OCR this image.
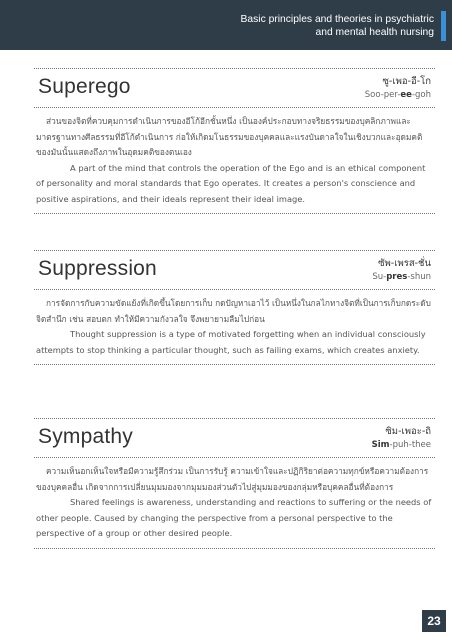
Basic principles and theories in psychiatric
and mental health nursing
Superego	ซู-เพอ-อี-โก
Soo-per-ee-goh

ส่วนของจิตที่ควบคุมการดำเนินการของอีโก้อีกชั้นหนึ่ง เป็นองค์ประกอบทางจริยธรรมของบุคลิกภาพและมาตรฐานทางศีลธรรมที่อีโก้ดำเนินการ ก่อให้เกิดมโนธรรมของบุคคลและแรงบันดาลใจในเชิงบวกและอุดมคติของมันนั้นแสดงถึงภาพในอุดมคติของตนเอง

A part of the mind that controls the operation of the Ego and is an ethical component of personality and moral standards that Ego operates. It creates a person's conscience and positive aspirations, and their ideals represent their ideal image.

Suppression	ซัพ-เพรส-ชั่น
Su-pres-shun

การจัดการกับความขัดแย้งที่เกิดขึ้นโดยการเก็บ กดปัญหาเอาไว้ เป็นหนึ่งในกลไกทางจิตที่เป็นการเก็บกดระดับจิตสำนึก เช่น สอบตก ทำให้มีความกังวลใจ จึงพยายามลืมไปก่อน

Thought suppression is a type of motivated forgetting when an individual consciously attempts to stop thinking a particular thought, such as failing exams, which creates anxiety.

Sympathy	ซิม-เพอะ-ถิ
Sim-puh-thee

ความเห็นอกเห็นใจหรือมีความรู้สึกร่วม เป็นการรับรู้ ความเข้าใจและปฏิกิริยาต่อความทุกข์หรือความต้องการของบุคคลอื่น เกิดจากการเปลี่ยนมุมมองจากมุมมองส่วนตัวไปสู่มุมมองของกลุ่มหรือบุคคลอื่นที่ต้องการ

Shared feelings is awareness, understanding and reactions to suffering or the needs of other people. Caused by changing the perspective from a personal perspective to the perspective of a group or other desired people.

23
